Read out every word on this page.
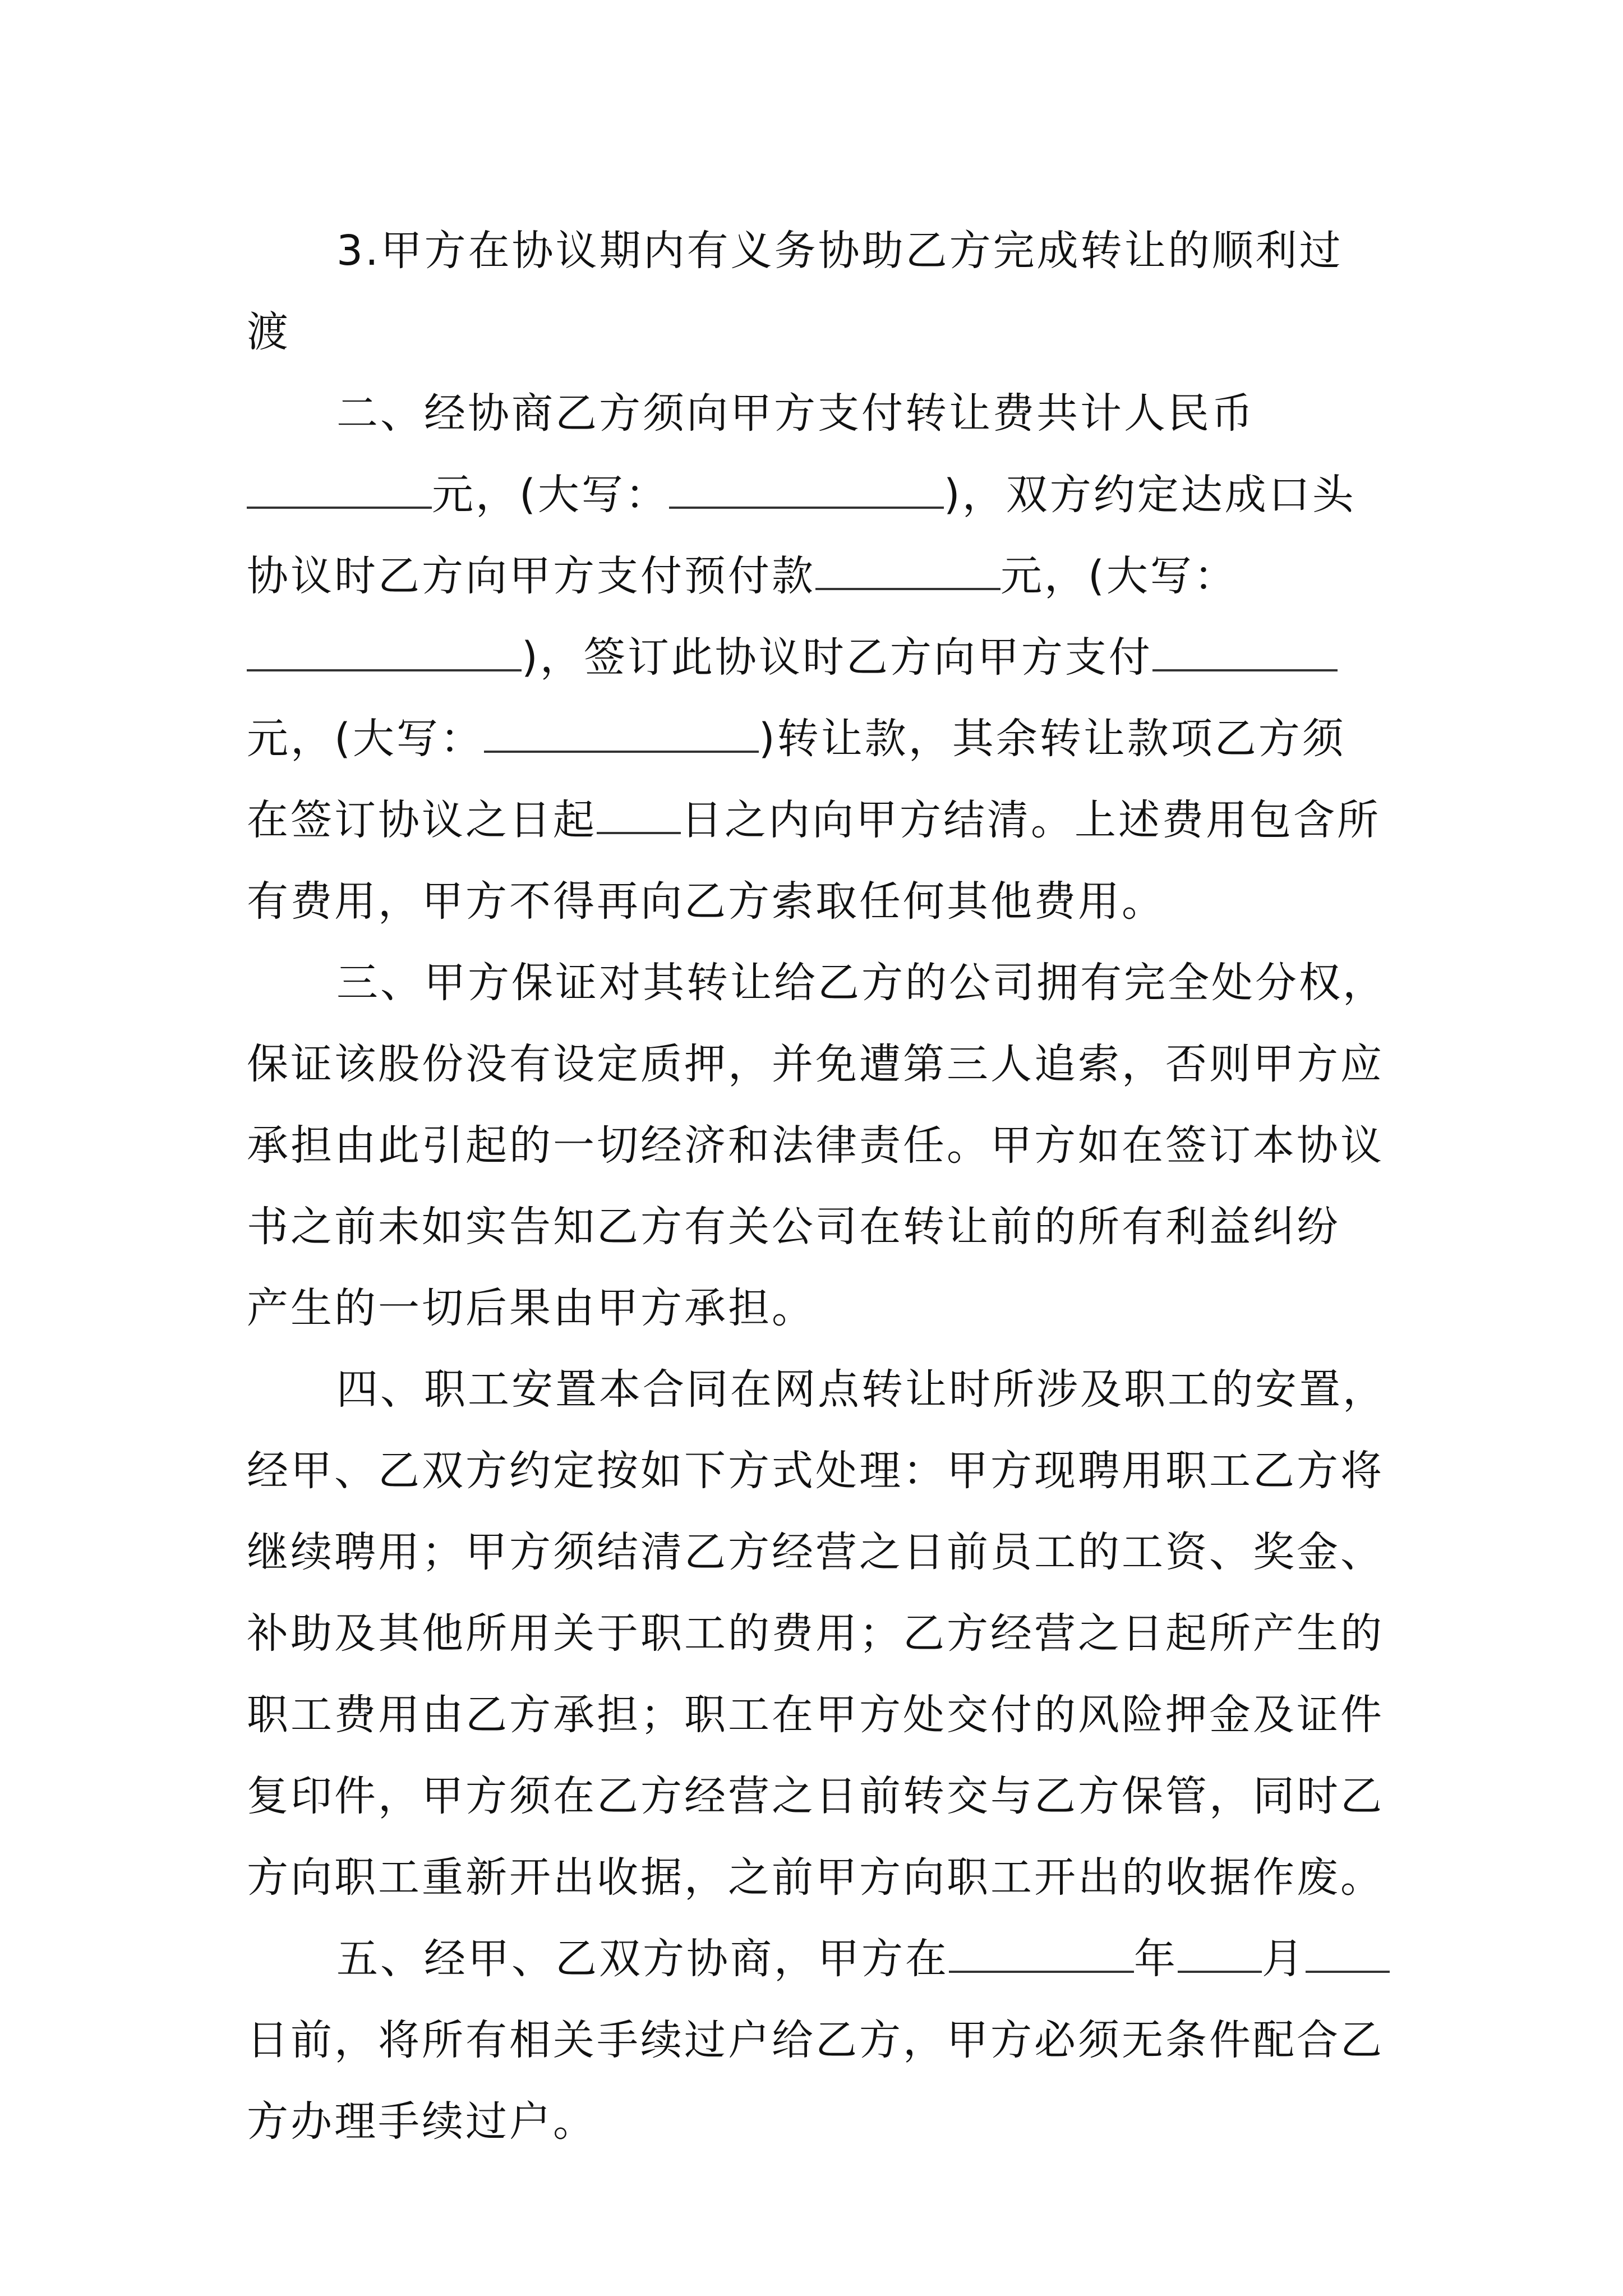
3.甲方在协议期内有义务协助乙方完成转让的顺利过
渡
二、经协商乙方须向甲方支付转让费共计人民币
元，(大写：	)，双方约定达成口头
协议时乙方向甲方支付预付款	元，(大写：
)，签订此协议时乙方向甲方支付
元，(大写：	)转让款，其余转让款项乙方须
在签订协议之日起 日之内向甲方结清。上述费用包含所
有费用，甲方不得再向乙方索取任何其他费用。
三、甲方保证对其转让给乙方的公司拥有完全处分权，
保证该股份没有设定质押，并免遭第三人追索，否则甲方应
承担由此引起的一切经济和法律责任。甲方如在签订本协议
书之前未如实告知乙方有关公司在转让前的所有利益纠纷
产生的一切后果由甲方承担。
四、职工安置本合同在网点转让时所涉及职工的安置，
经甲、乙双方约定按如下方式处理：甲方现聘用职工乙方将
继续聘用；甲方须结清乙方经营之日前员工的工资、奖金、
补助及其他所用关于职工的费用；乙方经营之日起所产生的
职工费用由乙方承担；职工在甲方处交付的风险押金及证件
复印件，甲方须在乙方经营之日前转交与乙方保管，同时乙
方向职工重新开出收据，之前甲方向职工开出的收据作废。
五、经甲、乙双方协商，甲方在	年 月
日前，将所有相关手续过户给乙方，甲方必须无条件配合乙
方办理手续过户。
